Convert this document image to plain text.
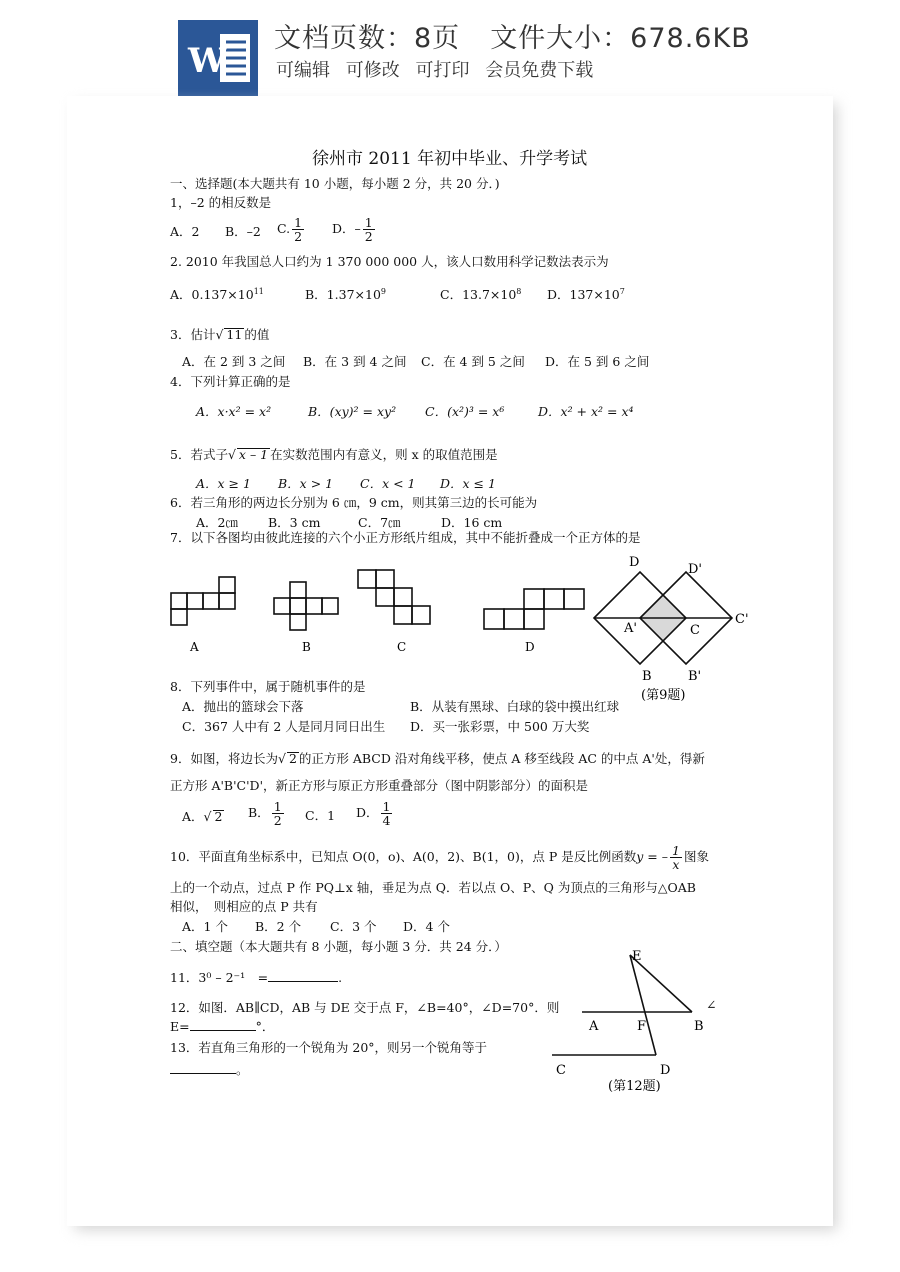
W
文档页数：8页 文件大小：678.6KB
可编辑 可修改 可打印 会员免费下载
徐州市 2011 年初中毕业、升学考试
一、选择题(本大题共有 10 小题，每小题 2 分，共 20 分．)
1，–2 的相反数是
A．2 B．–2 C. $\frac{1}{2}$ D．– $\frac{1}{2}$
2. 2010 年我国总人口约为 1 370 000 000 人，该人口数用科学记数法表示为
A．$0.137\times 10^{11}$	B．$1.37\times 10^9$	C．$13.7\times 10^8$ D．$137\times 10^7$
3．估计√ 11 的值
A．在 2 到 3 之间 B．在 3 到 4 之间 C．在 4 到 5 之间 D．在 5 到 6 之间
4．下列计算正确的是
A．x·x² = x²	B．(xy)² = xy² C．(x²)³ = x⁶	D．x² + x² = x⁴
5．若式子√ x – 1 在实数范围内有意义，则 x 的取值范围是
A．x ≥ 1 B．x > 1 C．x < 1 D．x ≤ 1
6．若三角形的两边长分别为 6 ㎝，9 cm，则其第三边的长可能为
A．2㎝ B．3 cm	C．7㎝	D．16 cm
7．以下各图均由彼此连接的六个小正方形纸片组成，其中不能折叠成一个正方体的是
A	B	C	D
D	D'
C'
A'	C
B	B'
(第9题)
E
A	F	B
C	D
(第12题)
8．下列事件中，属于随机事件的是
A．抛出的篮球会下落	B．从装有黑球、白球的袋中摸出红球
C．367 人中有 2 人是同月同日出生 D．买一张彩票，中 500 万大奖
9．如图，将边长为√ 2 的正方形 ABCD 沿对角线平移，使点 A 移至线段 AC 的中点 A'处，得新
正方形 A'B'C'D'，新正方形与原正方形重叠部分（图中阴影部分）的面积是
A．√ 2 B． $\frac{1}{2}$ C．1 D． $\frac{1}{4}$
10．平面直角坐标系中，已知点 O(0，o)、A(0，2)、B(1，0)，点 P 是反比例函数y = – $\frac{1}{x}$ 图象
上的一个动点，过点 P 作 PQ⊥x 轴，垂足为点 Q．若以点 O、P、Q 为顶点的三角形与△OAB
相似，　则相应的点 P 共有
A．1 个 B．2 个 C．3 个 D．4 个
二、填空题（本大题共有 8 小题，每小题 3 分．共 24 分．）
11．3⁰ – 2⁻¹　=	.
12．如图．AB∥CD，AB 与 DE 交于点 F，∠B=40°，∠D=70°．则	∠
E=	°．
13．若直角三角形的一个锐角为 20°，则另一个锐角等于
。
